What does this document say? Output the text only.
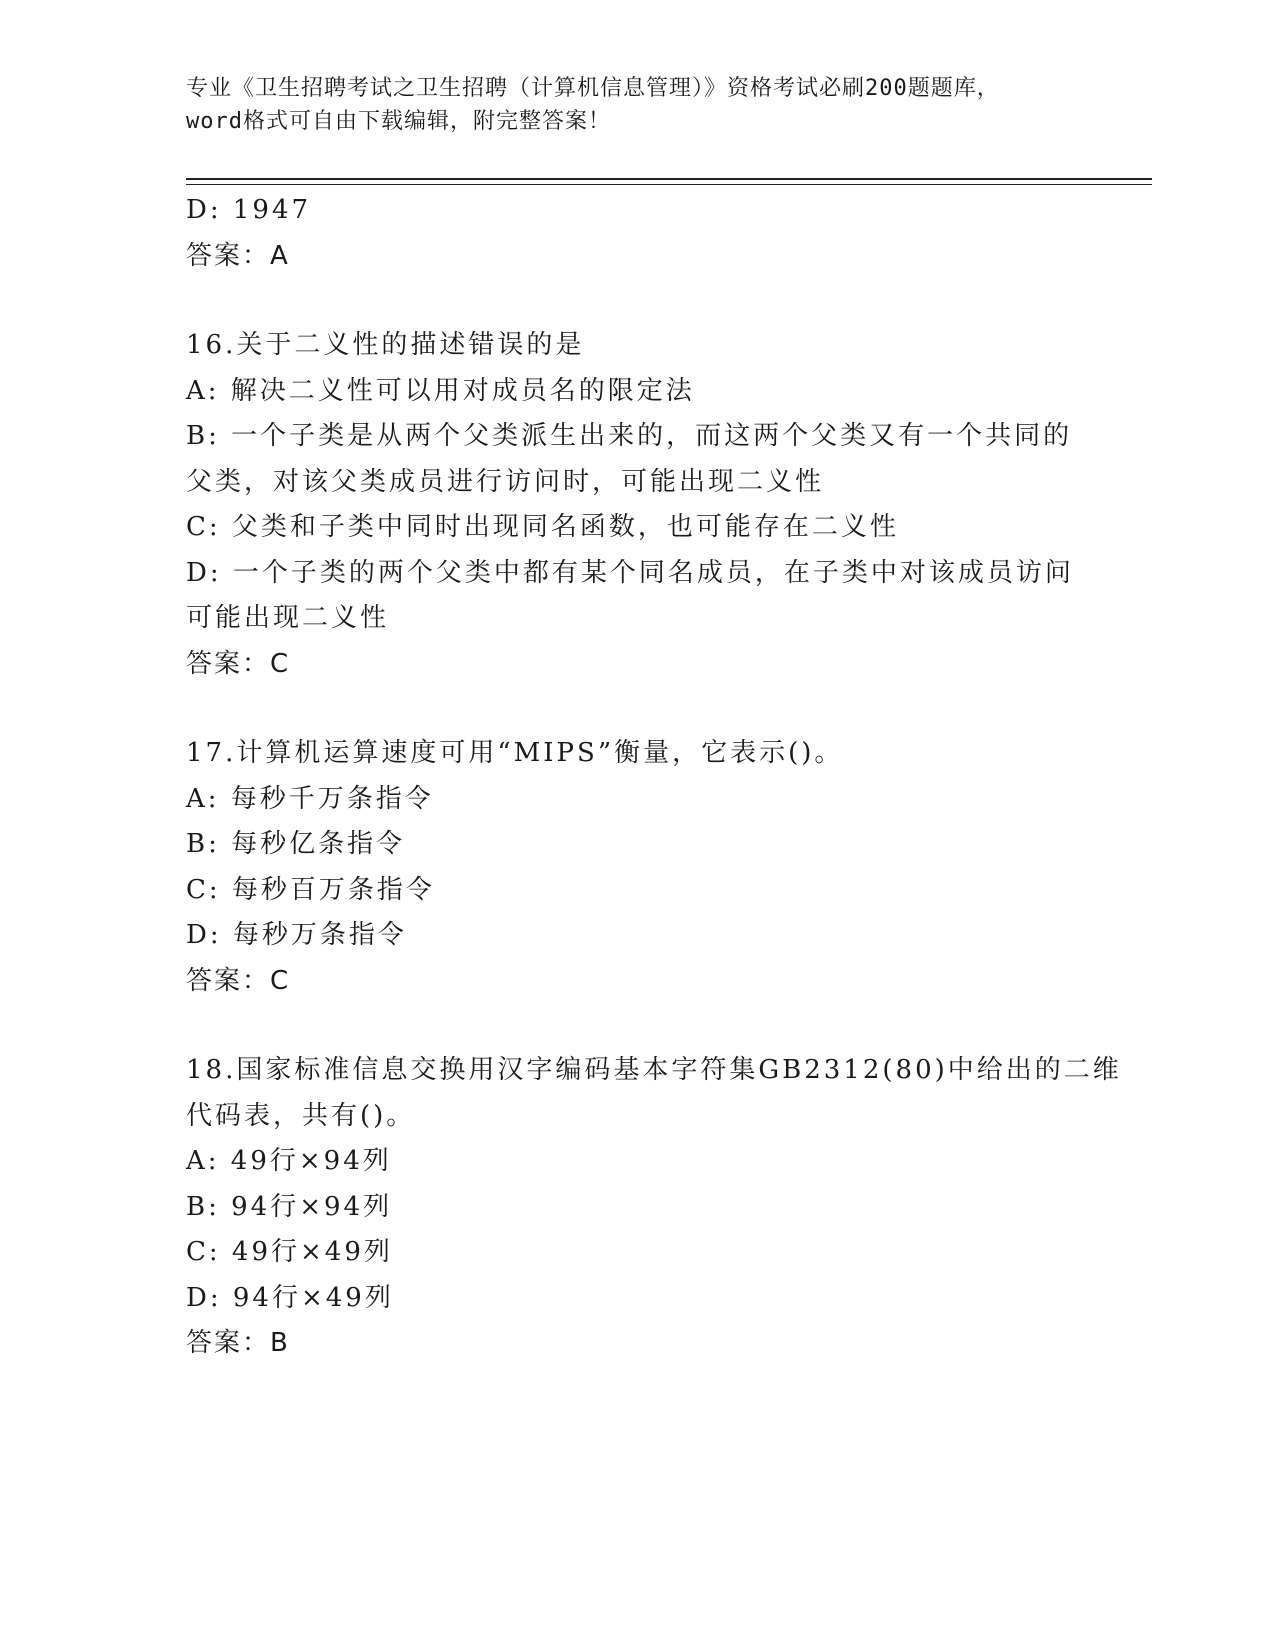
专业《卫生招聘考试之卫生招聘（计算机信息管理）》资格考试必刷200题题库，
word格式可自由下载编辑，附完整答案！
D: 1947
答案：A
16.关于二义性的描述错误的是
A: 解决二义性可以用对成员名的限定法
B: 一个子类是从两个父类派生出来的，而这两个父类又有一个共同的
父类，对该父类成员进行访问时，可能出现二义性
C: 父类和子类中同时出现同名函数，也可能存在二义性
D: 一个子类的两个父类中都有某个同名成员，在子类中对该成员访问
可能出现二义性
答案：C
17.计算机运算速度可用“MIPS”衡量，它表示()。
A: 每秒千万条指令
B: 每秒亿条指令
C: 每秒百万条指令
D: 每秒万条指令
答案：C
18.国家标准信息交换用汉字编码基本字符集GB2312(80)中给出的二维
代码表，共有()。
A: 49行×94列
B: 94行×94列
C: 49行×49列
D: 94行×49列
答案：B
